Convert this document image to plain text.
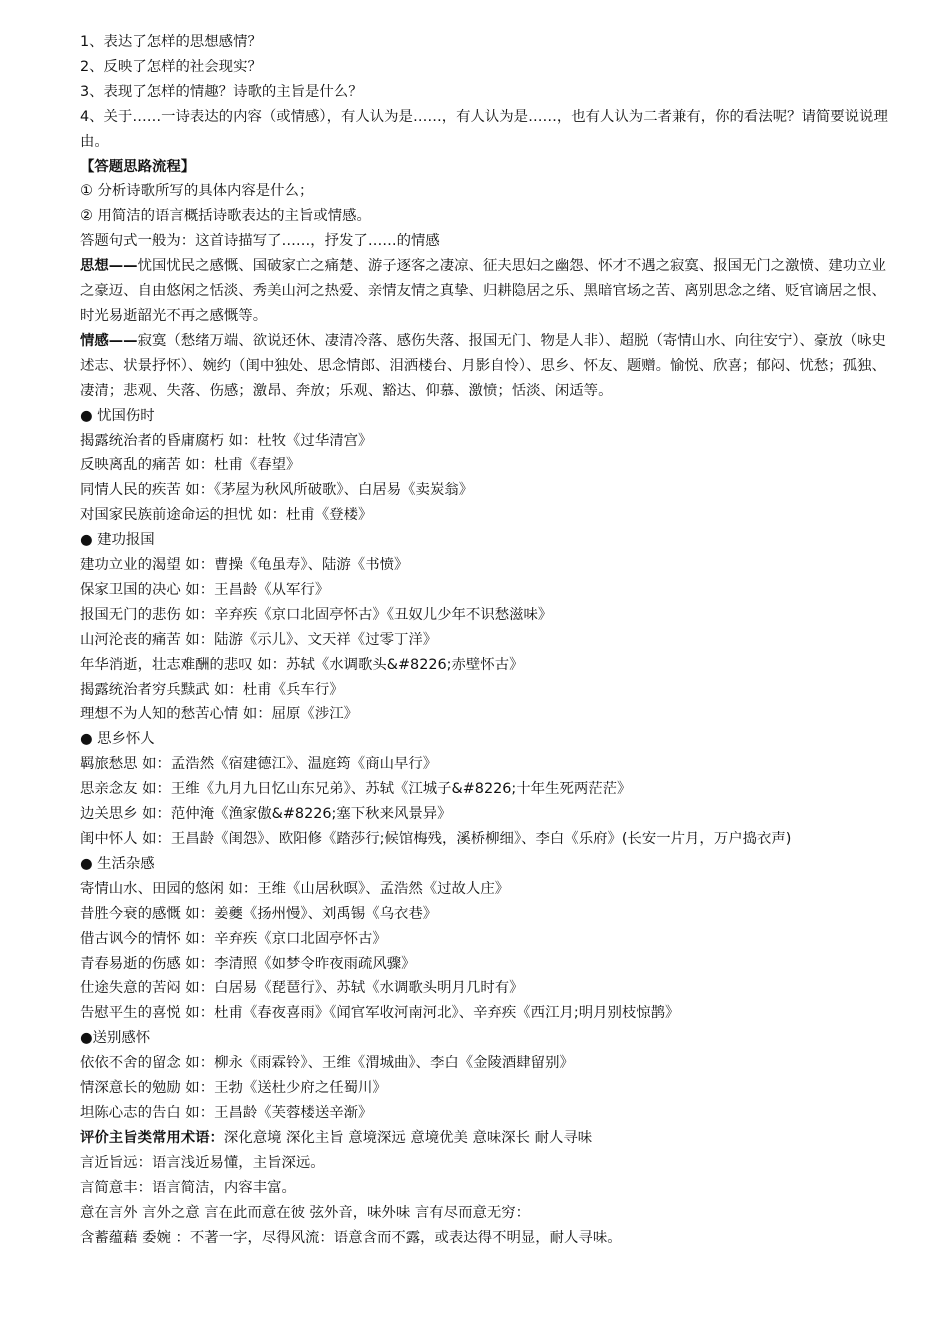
1、表达了怎样的思想感情？

2、反映了怎样的社会现实？

3、表现了怎样的情趣？诗歌的主旨是什么？

4、关于……一诗表达的内容（或情感），有人认为是……，有人认为是……，也有人认为二者兼有，你的看法呢？请简要说说理由。

【答题思路流程】

① 分析诗歌所写的具体内容是什么；

② 用简洁的语言概括诗歌表达的主旨或情感。

答题句式一般为：这首诗描写了……，抒发了……的情感

思想——忧国忧民之感慨、国破家亡之痛楚、游子逐客之凄凉、征夫思妇之幽怨、怀才不遇之寂寞、报国无门之激愤、建功立业之豪迈、自由悠闲之恬淡、秀美山河之热爱、亲情友情之真挚、归耕隐居之乐、黑暗官场之苦、离别思念之绪、贬官谪居之恨、时光易逝韶光不再之感慨等。

情感——寂寞（愁绪万端、欲说还休、凄清冷落、感伤失落、报国无门、物是人非）、超脱（寄情山水、向往安宁）、豪放（咏史述志、状景抒怀）、婉约（闺中独处、思念情郎、泪洒楼台、月影自怜）、思乡、怀友、题赠。愉悦、欣喜；郁闷、忧愁；孤独、凄清；悲观、失落、伤感；激昂、奔放；乐观、豁达、仰慕、激愤；恬淡、闲适等。

● 忧国伤时

揭露统治者的昏庸腐朽 如：杜牧《过华清宫》

反映离乱的痛苦 如：杜甫《春望》

同情人民的疾苦 如：《茅屋为秋风所破歌》、白居易《卖炭翁》

对国家民族前途命运的担忧 如：杜甫《登楼》

● 建功报国

建功立业的渴望 如：曹操《龟虽寿》、陆游《书愤》

保家卫国的决心 如：王昌龄《从军行》

报国无门的悲伤 如：辛弃疾《京口北固亭怀古》《丑奴儿少年不识愁滋味》

山河沦丧的痛苦 如：陆游《示儿》、文天祥《过零丁洋》

年华消逝，壮志难酬的悲叹 如：苏轼《水调歌头&#8226;赤壁怀古》

揭露统治者穷兵黩武 如：杜甫《兵车行》

理想不为人知的愁苦心情 如：屈原《涉江》

● 思乡怀人

羁旅愁思 如：孟浩然《宿建德江》、温庭筠《商山早行》

思亲念友 如：王维《九月九日忆山东兄弟》、苏轼《江城子&#8226;十年生死两茫茫》

边关思乡 如：范仲淹《渔家傲&#8226;塞下秋来风景异》

闺中怀人 如：王昌龄《闺怨》、欧阳修《踏莎行;候馆梅残，溪桥柳细》、李白《乐府》(长安一片月，万户捣衣声)

● 生活杂感

寄情山水、田园的悠闲 如：王维《山居秋暝》、孟浩然《过故人庄》

昔胜今衰的感慨 如：姜夔《扬州慢》、刘禹锡《乌衣巷》

借古讽今的情怀 如：辛弃疾《京口北固亭怀古》

青春易逝的伤感 如：李清照《如梦令昨夜雨疏风骤》

仕途失意的苦闷 如：白居易《琵琶行》、苏轼《水调歌头明月几时有》

告慰平生的喜悦 如：杜甫《春夜喜雨》《闻官军收河南河北》、辛弃疾《西江月;明月别枝惊鹊》

●送别感怀

依依不舍的留念 如：柳永《雨霖铃》、王维《渭城曲》、李白《金陵酒肆留别》

情深意长的勉励 如：王勃《送杜少府之任蜀川》

坦陈心志的告白 如：王昌龄《芙蓉楼送辛渐》

评价主旨类常用术语：深化意境 深化主旨 意境深远 意境优美 意味深长 耐人寻味

言近旨远：语言浅近易懂，主旨深远。

言简意丰：语言简洁，内容丰富。

意在言外 言外之意 言在此而意在彼 弦外音，味外味 言有尽而意无穷：

含蓄蕴藉 委婉 ：不著一字，尽得风流：语意含而不露，或表达得不明显，耐人寻味。
